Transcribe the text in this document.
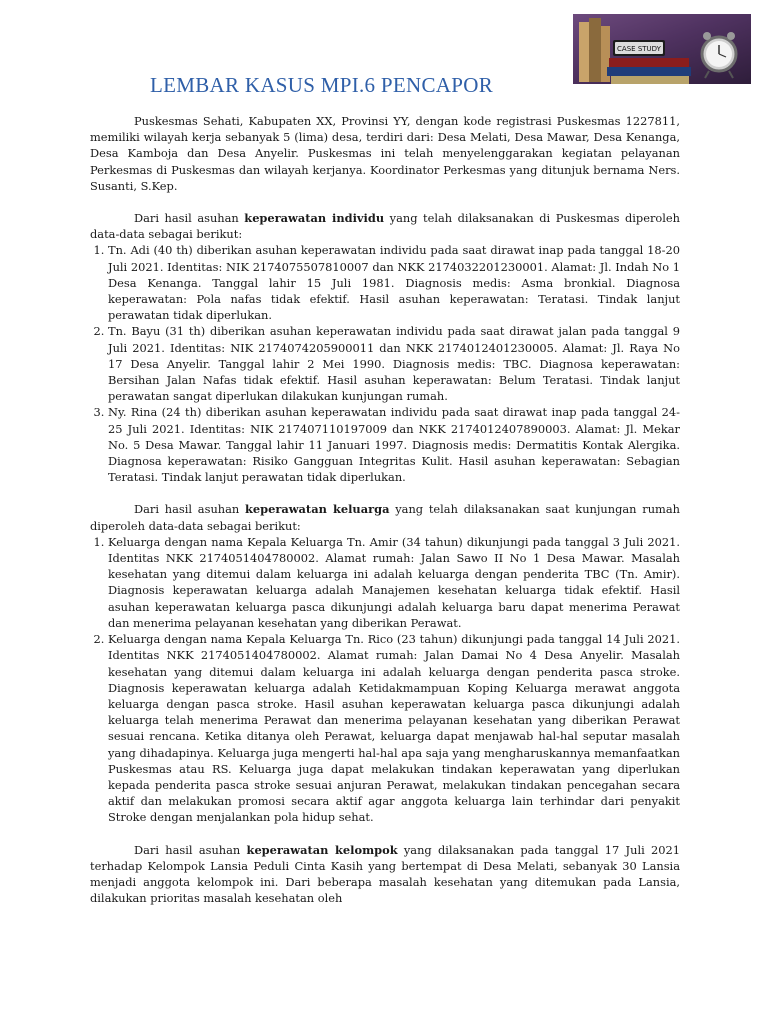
CASE STUDY
LEMBAR KASUS MPI.6 PENCAPOR

Puskesmas Sehati, Kabupaten XX, Provinsi YY, dengan kode registrasi Puskesmas 1227811, memiliki wilayah kerja sebanyak 5 (lima) desa, terdiri dari: Desa Melati, Desa Mawar, Desa Kenanga, Desa Kamboja dan Desa Anyelir. Puskesmas ini telah menyelenggarakan kegiatan pelayanan Perkesmas di Puskesmas dan wilayah kerjanya. Koordinator Perkesmas yang ditunjuk bernama Ners. Susanti, S.Kep.

Dari hasil asuhan keperawatan individu yang telah dilaksanakan di Puskesmas diperoleh data-data sebagai berikut:

1. Tn. Adi (40 th) diberikan asuhan keperawatan individu pada saat dirawat inap pada tanggal 18-20 Juli 2021. Identitas: NIK 2174075507810007 dan NKK 2174032201230001. Alamat: Jl. Indah No 1 Desa Kenanga. Tanggal lahir 15 Juli 1981. Diagnosis medis: Asma bronkial. Diagnosa keperawatan: Pola nafas tidak efektif. Hasil asuhan keperawatan: Teratasi. Tindak lanjut perawatan tidak diperlukan.
2. Tn. Bayu (31 th) diberikan asuhan keperawatan individu pada saat dirawat jalan pada tanggal 9 Juli 2021. Identitas: NIK 2174074205900011 dan NKK 2174012401230005. Alamat: Jl. Raya No 17 Desa Anyelir. Tanggal lahir 2 Mei 1990. Diagnosis medis: TBC. Diagnosa keperawatan: Bersihan Jalan Nafas tidak efektif. Hasil asuhan keperawatan: Belum Teratasi. Tindak lanjut perawatan sangat diperlukan dilakukan kunjungan rumah.
3. Ny. Rina (24 th) diberikan asuhan keperawatan individu pada saat dirawat inap pada tanggal 24-25 Juli 2021. Identitas: NIK 217407110197009 dan NKK 2174012407890003. Alamat: Jl. Mekar No. 5 Desa Mawar. Tanggal lahir 11 Januari 1997. Diagnosis medis: Dermatitis Kontak Alergika. Diagnosa keperawatan: Risiko Gangguan Integritas Kulit. Hasil asuhan keperawatan: Sebagian Teratasi. Tindak lanjut perawatan tidak diperlukan.

Dari hasil asuhan keperawatan keluarga yang telah dilaksanakan saat kunjungan rumah diperoleh data-data sebagai berikut:

1. Keluarga dengan nama Kepala Keluarga Tn. Amir (34 tahun) dikunjungi pada tanggal 3 Juli 2021. Identitas NKK 2174051404780002. Alamat rumah: Jalan Sawo II No 1 Desa Mawar. Masalah kesehatan yang ditemui dalam keluarga ini adalah keluarga dengan penderita TBC (Tn. Amir). Diagnosis keperawatan keluarga adalah Manajemen kesehatan keluarga tidak efektif. Hasil asuhan keperawatan keluarga pasca dikunjungi adalah keluarga baru dapat menerima Perawat dan menerima pelayanan kesehatan yang diberikan Perawat.
2. Keluarga dengan nama Kepala Keluarga Tn. Rico (23 tahun) dikunjungi pada tanggal 14 Juli 2021. Identitas NKK 2174051404780002. Alamat rumah: Jalan Damai No 4 Desa Anyelir. Masalah kesehatan yang ditemui dalam keluarga ini adalah keluarga dengan penderita pasca stroke. Diagnosis keperawatan keluarga adalah Ketidakmampuan Koping Keluarga merawat anggota keluarga dengan pasca stroke. Hasil asuhan keperawatan keluarga pasca dikunjungi adalah keluarga telah menerima Perawat dan menerima pelayanan kesehatan yang diberikan Perawat sesuai rencana. Ketika ditanya oleh Perawat, keluarga dapat menjawab hal-hal seputar masalah yang dihadapinya. Keluarga juga mengerti hal-hal apa saja yang mengharuskannya memanfaatkan Puskesmas atau RS. Keluarga juga dapat melakukan tindakan keperawatan yang diperlukan kepada penderita pasca stroke sesuai anjuran Perawat, melakukan tindakan pencegahan secara aktif dan melakukan promosi secara aktif agar anggota keluarga lain terhindar dari penyakit Stroke dengan menjalankan pola hidup sehat.

Dari hasil asuhan keperawatan kelompok yang dilaksanakan pada tanggal 17 Juli 2021 terhadap Kelompok Lansia Peduli Cinta Kasih yang bertempat di Desa Melati, sebanyak 30 Lansia menjadi anggota kelompok ini. Dari beberapa masalah kesehatan yang ditemukan pada Lansia, dilakukan prioritas masalah kesehatan oleh
